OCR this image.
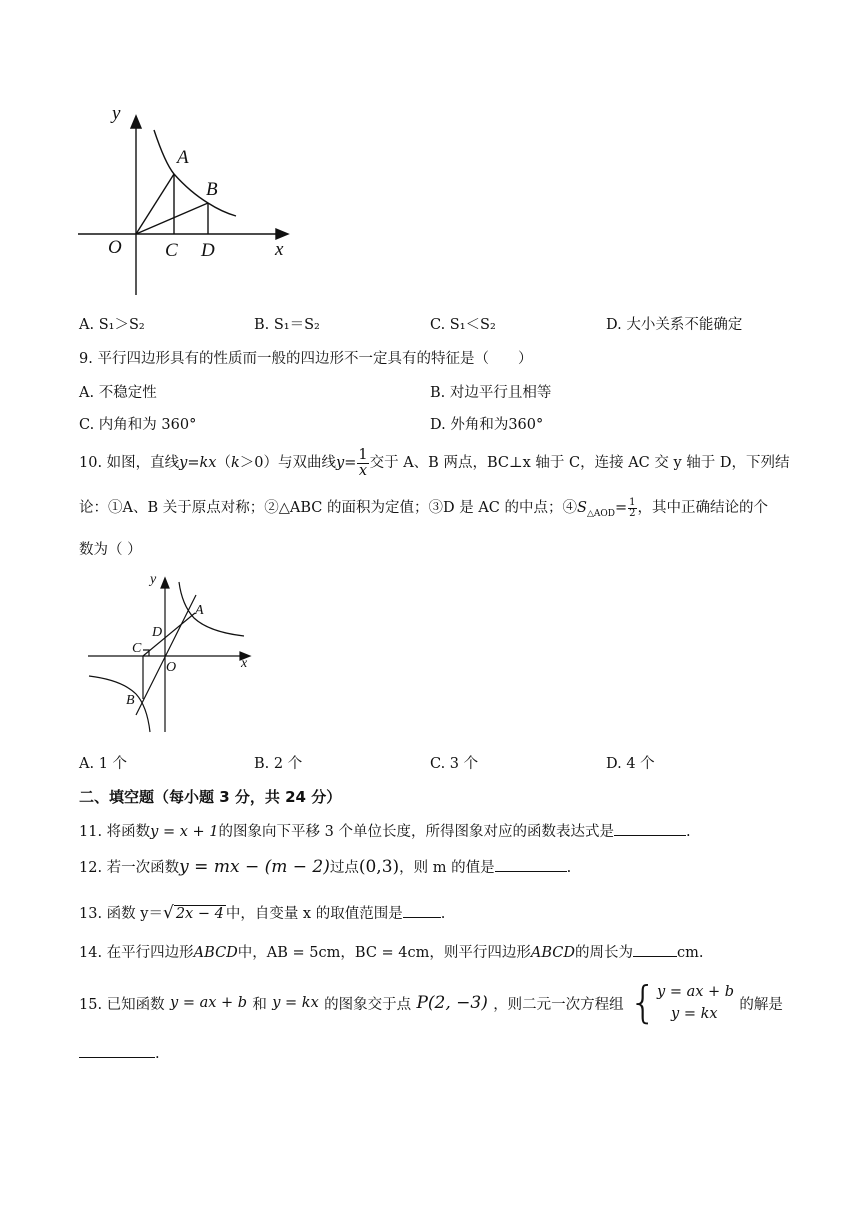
y
x
O
A
B
C D
A. S₁＞S₂	B. S₁＝S₂	C. S₁＜S₂	D. 大小关系不能确定
9. 平行四边形具有的性质而一般的四边形不一定具有的特征是（　　）
A. 不稳定性	B. 对边平行且相等
C. 内角和为 360°	D. 外角和为360°
10. 如图，直线y=kx（k＞0）与双曲线$y= \frac{1}{x}$ 交于 A、B 两点，BC⊥x 轴于 C，连接 AC 交 y 轴于 D，下列结
论：①A、B 关于原点对称；②△ABC 的面积为定值；③D 是 AC 的中点；$④S_{\triangle AOD}= \frac{1}{2}$ ，其中正确结论的个
数为（ ）
y
x
O
A
B
C
D
A. 1 个	B. 2 个	C. 3 个	D. 4 个
二、填空题（每小题 3 分，共 24 分）
11. 将函数y = x + 1的图象向下平移 3 个单位长度，所得图象对应的函数表达式是	.
12. 若一次函数y = mx − (m − 2)过点(0,3)，则 m 的值是	.
13. 函数 y＝√ 2x − 4 中，自变量 x 的取值范围是	.
14. 在平行四边形ABCD中，AB = 5cm，BC = 4cm，则平行四边形ABCD的周长为	cm.
15. 已知函数 y = ax + b 和 y = kx 的图象交于点 P(2, −3) ，则二元一次方程组 { y = ax + b
y = kx
的解是
.
